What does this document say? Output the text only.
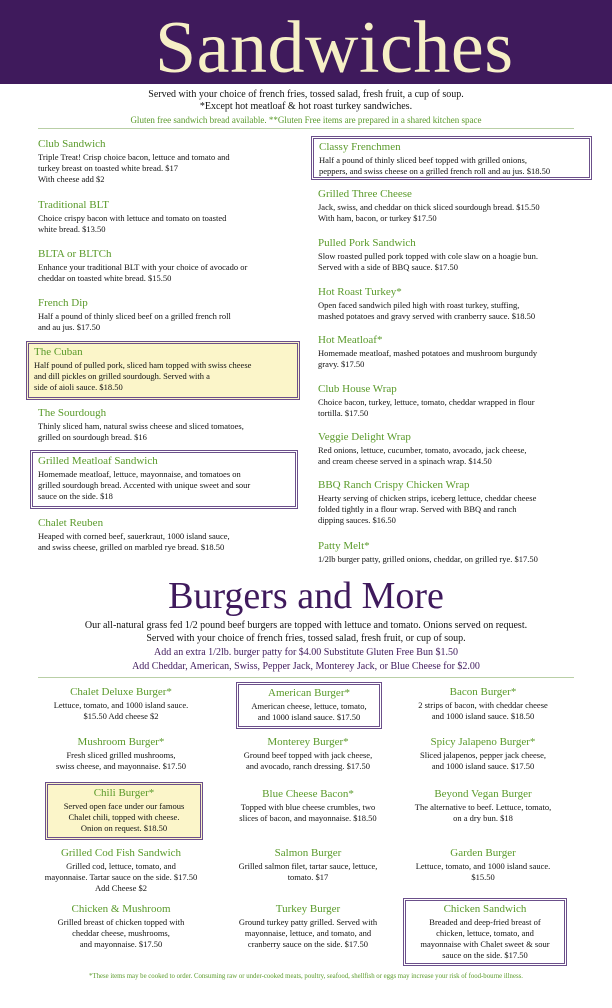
Sandwiches
Served with your choice of french fries, tossed salad, fresh fruit, a cup of soup.
*Except hot meatloaf & hot roast turkey sandwiches.
Gluten free sandwich bread available. **Gluten Free items are prepared in a shared kitchen space
Club Sandwich
Triple Treat! Crisp choice bacon, lettuce and tomato and
turkey breast on toasted white bread. $17
With cheese add $2
Traditional BLT
Choice crispy bacon with lettuce and tomato on toasted
white bread. $13.50
BLTA or BLTCh
Enhance your traditional BLT with your choice of avocado or
cheddar on toasted white bread. $15.50
French Dip
Half a pound of thinly sliced beef on a grilled french roll
and au jus. $17.50
The Cuban
Half pound of pulled pork, sliced ham topped with swiss cheese
and dill pickles on grilled sourdough. Served with a
side of aioli sauce. $18.50
The Sourdough
Thinly sliced ham, natural swiss cheese and sliced tomatoes,
grilled on sourdough bread. $16
Grilled Meatloaf Sandwich
Homemade meatloaf, lettuce, mayonnaise, and tomatoes on
grilled sourdough bread. Accented with unique sweet and sour
sauce on the side. $18
Chalet Reuben
Heaped with corned beef, sauerkraut, 1000 island sauce,
and swiss cheese, grilled on marbled rye bread. $18.50
Classy Frenchmen
Half a pound of thinly sliced beef topped with grilled onions,
peppers, and swiss cheese on a grilled french roll and au jus. $18.50
Grilled Three Cheese
Jack, swiss, and cheddar on thick sliced sourdough bread. $15.50
With ham, bacon, or turkey $17.50
Pulled Pork Sandwich
Slow roasted pulled pork topped with cole slaw on a hoagie bun.
Served with a side of BBQ sauce. $17.50
Hot Roast Turkey*
Open faced sandwich piled high with roast turkey, stuffing,
mashed potatoes and gravy served with cranberry sauce. $18.50
Hot Meatloaf*
Homemade meatloaf, mashed potatoes and mushroom burgundy
gravy. $17.50
Club House Wrap
Choice bacon, turkey, lettuce, tomato, cheddar wrapped in flour
tortilla. $17.50
Veggie Delight Wrap
Red onions, lettuce, cucumber, tomato, avocado, jack cheese,
and cream cheese served in a spinach wrap. $14.50
BBQ Ranch Crispy Chicken Wrap
Hearty serving of chicken strips, iceberg lettuce, cheddar cheese
folded tightly in a flour wrap. Served with BBQ and ranch
dipping sauces. $16.50
Patty Melt*
1/2lb burger patty, grilled onions, cheddar, on grilled rye. $17.50
Burgers and More
Our all-natural grass fed 1/2 pound beef burgers are topped with lettuce and tomato. Onions served on request.
Served with your choice of french fries, tossed salad, fresh fruit, or cup of soup.
Add an extra 1/2lb. burger patty for $4.00 Substitute Gluten Free Bun $1.50
Add Cheddar, American, Swiss, Pepper Jack, Monterey Jack, or Blue Cheese for $2.00
Chalet Deluxe Burger*
Lettuce, tomato, and 1000 island sauce.
$15.50 Add cheese $2
American Burger*
American cheese, lettuce, tomato,
and 1000 island sauce. $17.50
Bacon Burger*
2 strips of bacon, with cheddar cheese
and 1000 island sauce. $18.50
Mushroom Burger*
Fresh sliced grilled mushrooms,
swiss cheese, and mayonnaise. $17.50
Monterey Burger*
Ground beef topped with jack cheese,
and avocado, ranch dressing. $17.50
Spicy Jalapeno Burger*
Sliced jalapenos, pepper jack cheese,
and 1000 island sauce. $17.50
Chili Burger*
Served open face under our famous
Chalet chili, topped with cheese.
Onion on request. $18.50
Blue Cheese Bacon*
Topped with blue cheese crumbles, two
slices of bacon, and mayonnaise. $18.50
Beyond Vegan Burger
The alternative to beef. Lettuce, tomato,
on a dry bun. $18
Grilled Cod Fish Sandwich
Grilled cod, lettuce, tomato, and
mayonnaise. Tartar sauce on the side. $17.50
Add Cheese $2
Salmon Burger
Grilled salmon filet, tartar sauce, lettuce,
tomato. $17
Garden Burger
Lettuce, tomato, and 1000 island sauce.
$15.50
Chicken & Mushroom
Grilled breast of chicken topped with
cheddar cheese, mushrooms,
and mayonnaise. $17.50
Turkey Burger
Ground turkey patty grilled. Served with
mayonnaise, lettuce, and tomato, and
cranberry sauce on the side. $17.50
Chicken Sandwich
Breaded and deep-fried breast of
chicken, lettuce, tomato, and
mayonnaise with Chalet sweet & sour
sauce on the side. $17.50
*These items may be cooked to order. Consuming raw or under-cooked meats, poultry, seafood, shellfish or eggs may increase your risk of food-bourne illness.
